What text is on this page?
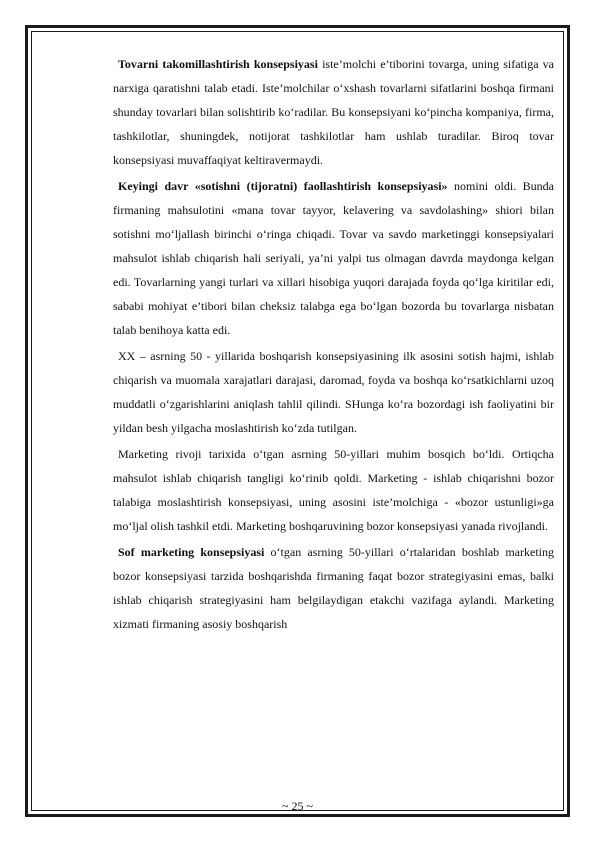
Tovarni takomillashtirish konsepsiyasi iste’molchi e’tiborini tovarga, uning sifatiga va narxiga qaratishni talab etadi. Iste’molchilar o‘xshash tovarlarni sifatlarini boshqa firmani shunday tovarlari bilan solishtirib ko‘radilar. Bu konsepsiyani ko‘pincha kompaniya, firma, tashkilotlar, shuningdek, notijorat tashkilotlar ham ushlab turadilar. Biroq tovar konsepsiyasi muvaffaqiyat keltiravermaydi.

Keyingi davr «sotishni (tijoratni) faollashtirish konsepsiyasi» nomini oldi. Bunda firmaning mahsulotini «mana tovar tayyor, kelavering va savdolashing» shiori bilan sotishni mo‘ljallash birinchi o‘ringa chiqadi. Tovar va savdo marketinggi konsepsiyalari mahsulot ishlab chiqarish hali seriyali, ya’ni yalpi tus olmagan davrda maydonga kelgan edi. Tovarlarning yangi turlari va xillari hisobiga yuqori darajada foyda qo‘lga kiritilar edi, sababi mohiyat e’tibori bilan cheksiz talabga ega bo‘lgan bozorda bu tovarlarga nisbatan talab benihoya katta edi.

XX – asrning 50 - yillarida boshqarish konsepsiyasining ilk asosini sotish hajmi, ishlab chiqarish va muomala xarajatlari darajasi, daromad, foyda va boshqa ko‘rsatkichlarni uzoq muddatli o‘zgarishlarini aniqlash tahlil qilindi. SHunga ko‘ra bozordagi ish faoliyatini bir yildan besh yilgacha moslashtirish ko‘zda tutilgan.

Marketing rivoji tarixida o‘tgan asrning 50-yillari muhim bosqich bo‘ldi. Ortiqcha mahsulot ishlab chiqarish tangligi ko‘rinib qoldi. Marketing - ishlab chiqarishni bozor talabiga moslashtirish konsepsiyasi, uning asosini iste’molchiga - «bozor ustunligi»ga mo‘ljal olish tashkil etdi. Marketing boshqaruvining bozor konsepsiyasi yanada rivojlandi.

Sof marketing konsepsiyasi o‘tgan asrning 50-yillari o‘rtalaridan boshlab marketing bozor konsepsiyasi tarzida boshqarishda firmaning faqat bozor strategiyasini emas, balki ishlab chiqarish strategiyasini ham belgilaydigan etakchi vazifaga aylandi. Marketing xizmati firmaning asosiy boshqarish

~ 25 ~
